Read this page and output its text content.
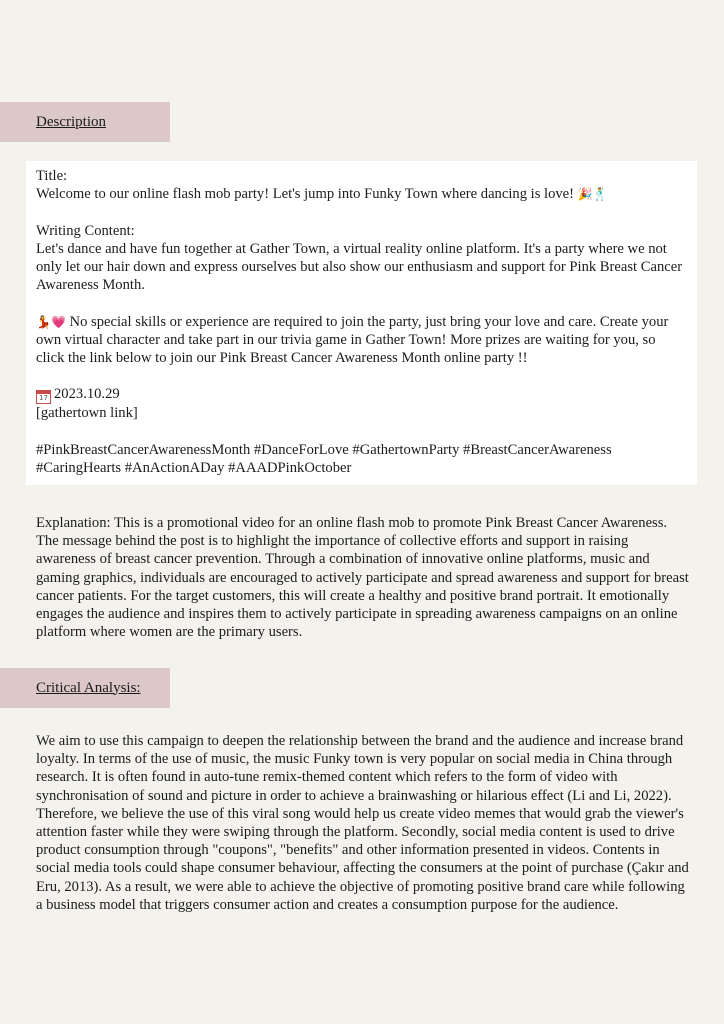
Description

Title:

Welcome to our online flash mob party! Let's jump into Funky Town where dancing is love! 🎉🕺

Writing Content:

Let's dance and have fun together at Gather Town, a virtual reality online platform. It's a party where we not only let our hair down and express ourselves but also show our enthusiasm and support for Pink Breast Cancer Awareness Month.

💃💗 No special skills or experience are required to join the party, just bring your love and care. Create your own virtual character and take part in our trivia game in Gather Town! More prizes are waiting for you, so click the link below to join our Pink Breast Cancer Awareness Month online party !!

17 2023.10.29

[gathertown link]

#PinkBreastCancerAwarenessMonth #DanceForLove #GathertownParty #BreastCancerAwareness #CaringHearts #AnActionADay #AAADPinkOctober

Explanation: This is a promotional video for an online flash mob to promote Pink Breast Cancer Awareness. The message behind the post is to highlight the importance of collective efforts and support in raising awareness of breast cancer prevention. Through a combination of innovative online platforms, music and gaming graphics, individuals are encouraged to actively participate and spread awareness and support for breast cancer patients. For the target customers, this will create a healthy and positive brand portrait. It emotionally engages the audience and inspires them to actively participate in spreading awareness campaigns on an online platform where women are the primary users.

Critical Analysis:

We aim to use this campaign to deepen the relationship between the brand and the audience and increase brand loyalty. In terms of the use of music, the music Funky town is very popular on social media in China through research. It is often found in auto-tune remix-themed content which refers to the form of video with synchronisation of sound and picture in order to achieve a brainwashing or hilarious effect (Li and Li, 2022). Therefore, we believe the use of this viral song would help us create video memes that would grab the viewer's attention faster while they were swiping through the platform. Secondly, social media content is used to drive product consumption through "coupons", "benefits" and other information presented in videos. Contents in social media tools could shape consumer behaviour, affecting the consumers at the point of purchase (Çakır and Eru, 2013). As a result, we were able to achieve the objective of promoting positive brand care while following a business model that triggers consumer action and creates a consumption purpose for the audience.
